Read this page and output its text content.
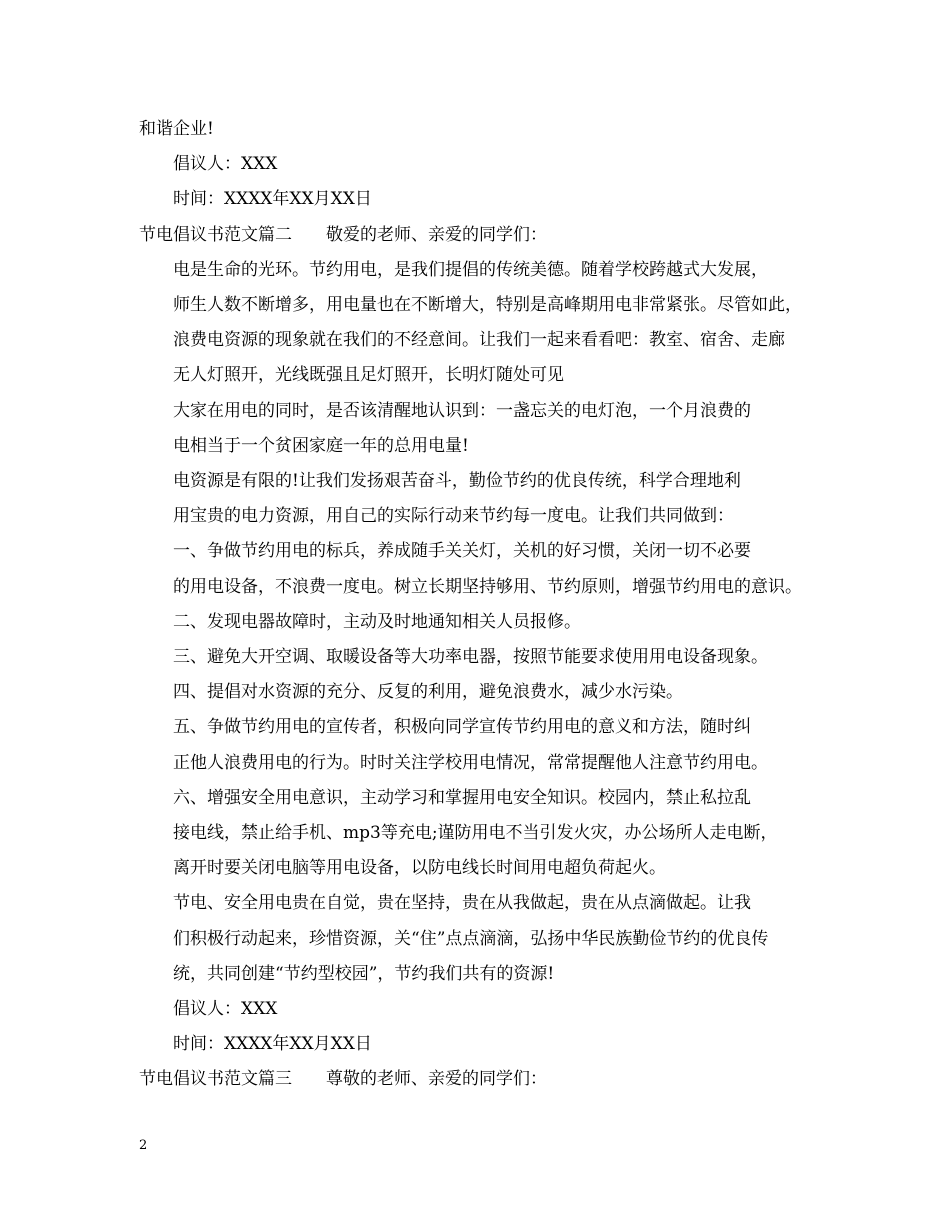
和谐企业!

倡议人：XXX

时间：XXXX年XX月XX日

节电倡议书范文篇二　　敬爱的老师、亲爱的同学们：

电是生命的光环。节约用电，是我们提倡的传统美德。随着学校跨越式大发展，
师生人数不断增多，用电量也在不断增大，特别是高峰期用电非常紧张。尽管如此，
浪费电资源的现象就在我们的不经意间。让我们一起来看看吧：教室、宿舍、走廊
无人灯照开，光线既强且足灯照开，长明灯随处可见

大家在用电的同时，是否该清醒地认识到：一盏忘关的电灯泡，一个月浪费的
电相当于一个贫困家庭一年的总用电量!

电资源是有限的!让我们发扬艰苦奋斗，勤俭节约的优良传统，科学合理地利
用宝贵的电力资源，用自己的实际行动来节约每一度电。让我们共同做到：

一、争做节约用电的标兵，养成随手关关灯，关机的好习惯，关闭一切不必要
的用电设备，不浪费一度电。树立长期坚持够用、节约原则，增强节约用电的意识。

二、发现电器故障时，主动及时地通知相关人员报修。

三、避免大开空调、取暖设备等大功率电器，按照节能要求使用用电设备现象。

四、提倡对水资源的充分、反复的利用，避免浪费水，减少水污染。

五、争做节约用电的宣传者，积极向同学宣传节约用电的意义和方法，随时纠
正他人浪费用电的行为。时时关注学校用电情况，常常提醒他人注意节约用电。

六、增强安全用电意识，主动学习和掌握用电安全知识。校园内，禁止私拉乱
接电线，禁止给手机、mp3等充电;谨防用电不当引发火灾，办公场所人走电断，
离开时要关闭电脑等用电设备，以防电线长时间用电超负荷起火。

节电、安全用电贵在自觉，贵在坚持，贵在从我做起，贵在从点滴做起。让我
们积极行动起来，珍惜资源，关“住”点点滴滴，弘扬中华民族勤俭节约的优良传
统，共同创建“节约型校园”，节约我们共有的资源!

倡议人：XXX

时间：XXXX年XX月XX日

节电倡议书范文篇三　　尊敬的老师、亲爱的同学们：

2
